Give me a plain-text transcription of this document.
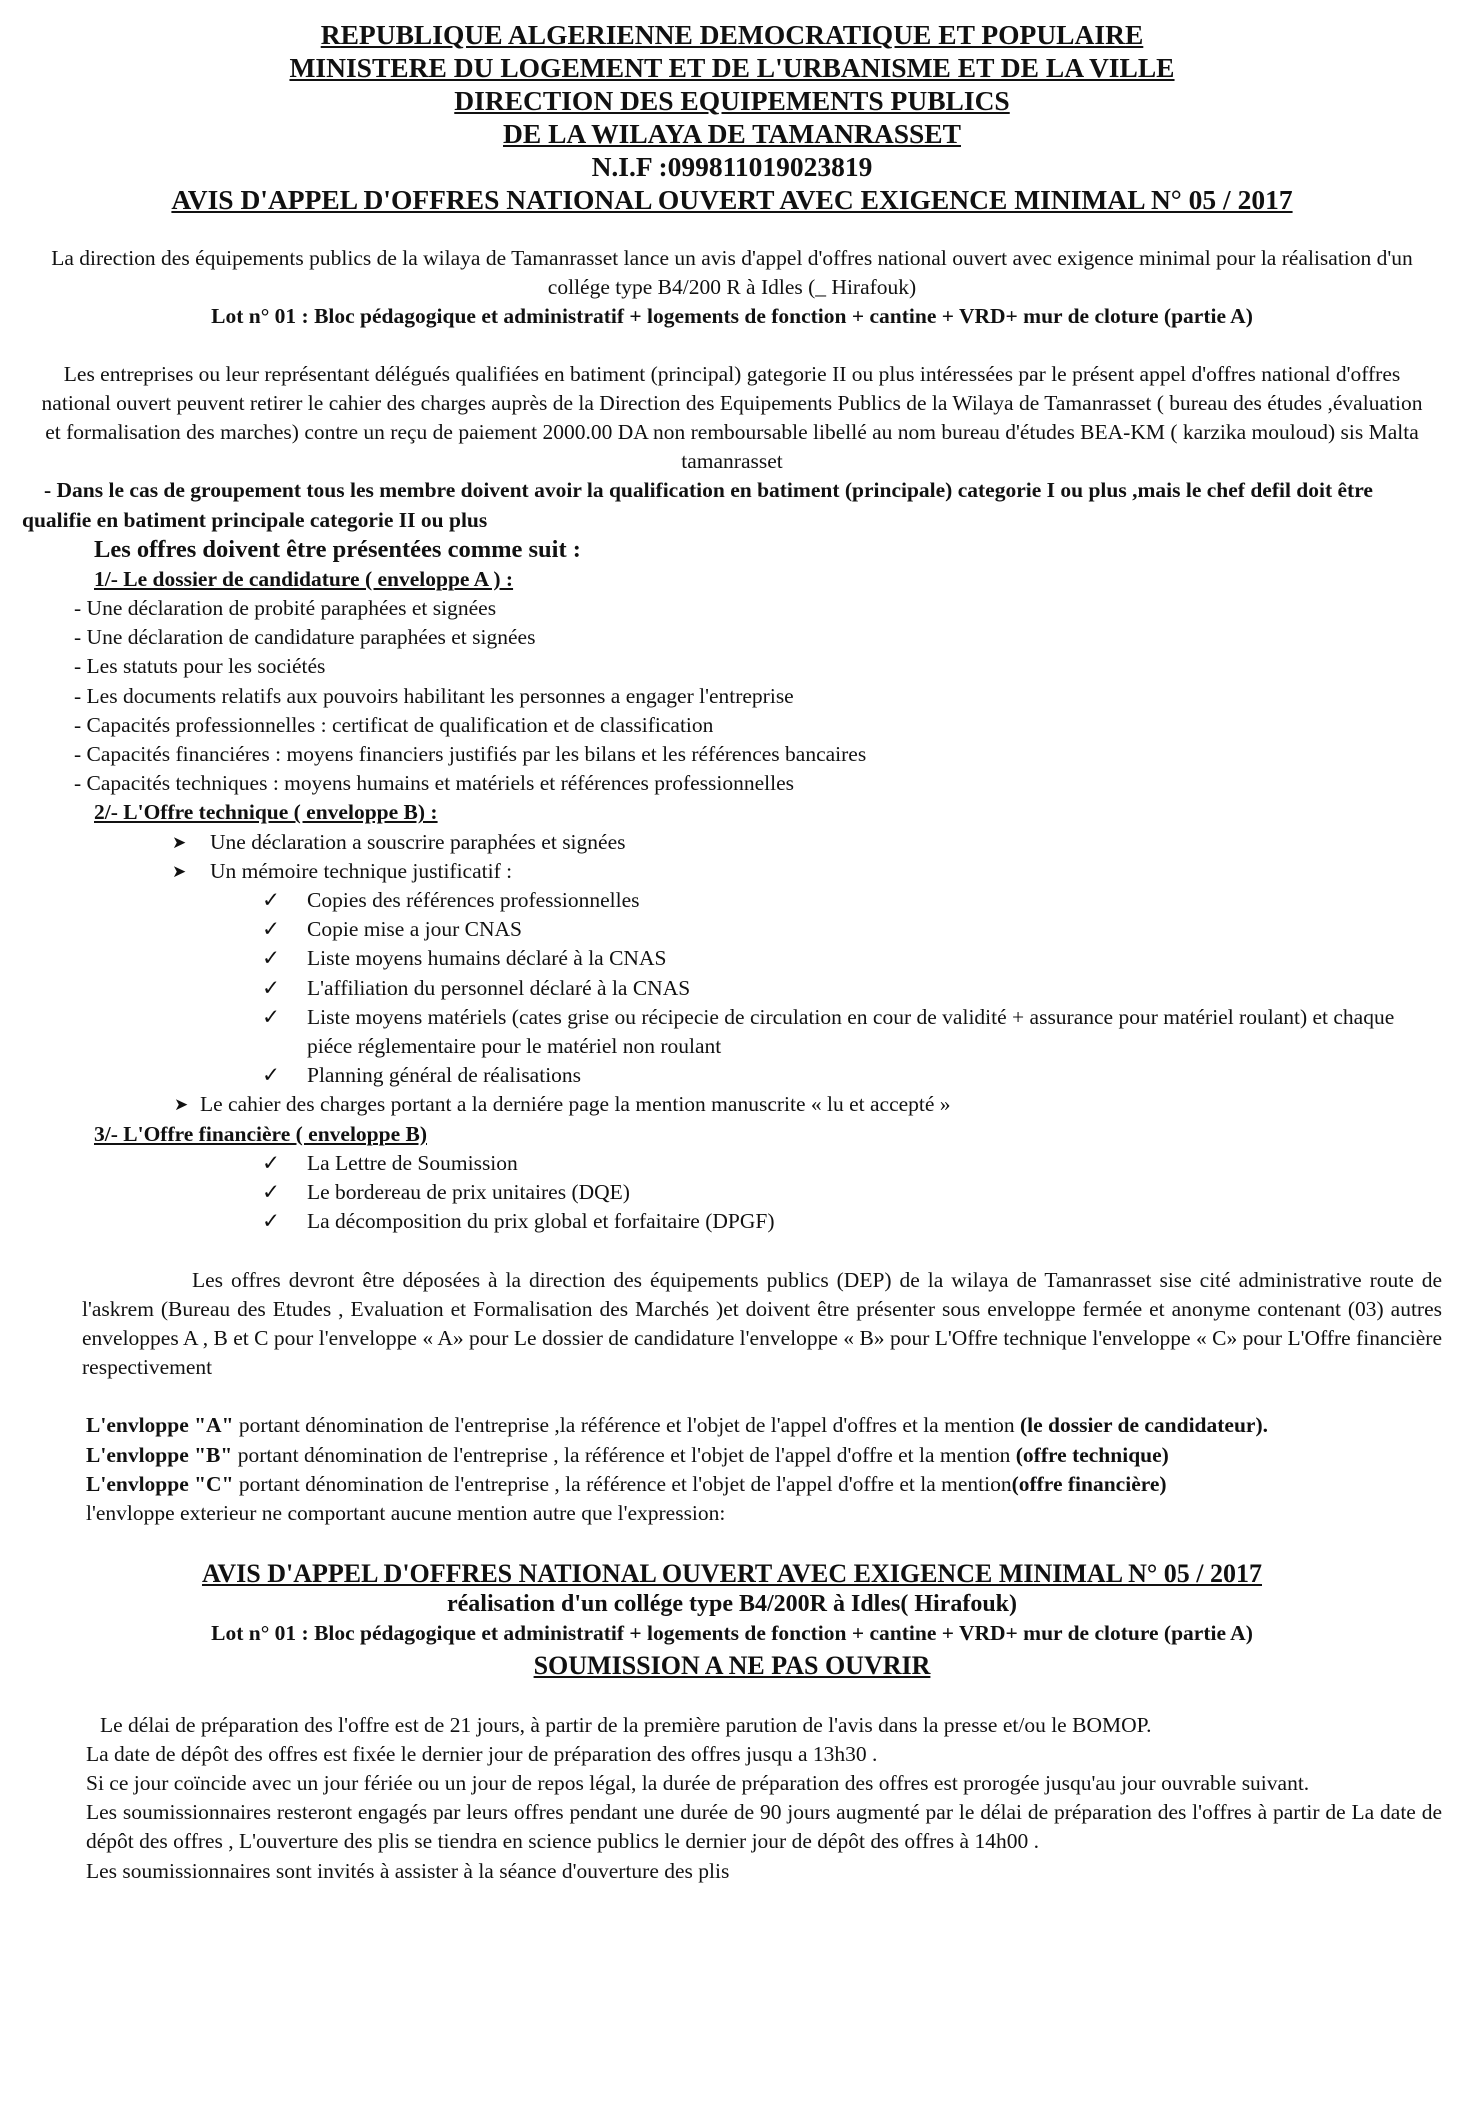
REPUBLIQUE ALGERIENNE DEMOCRATIQUE ET POPULAIRE
MINISTERE DU LOGEMENT ET DE L'URBANISME ET DE LA VILLE
DIRECTION DES EQUIPEMENTS PUBLICS
DE LA WILAYA DE TAMANRASSET
N.I.F :099811019023819
AVIS D'APPEL D'OFFRES NATIONAL OUVERT AVEC EXIGENCE MINIMAL N° 05 / 2017

La direction des équipements publics de la wilaya de Tamanrasset lance un avis d'appel d'offres national ouvert avec exigence minimal pour la réalisation d'un collége type B4/200 R à Idles (_ Hirafouk)

Lot n° 01 : Bloc pédagogique et administratif + logements de fonction + cantine + VRD+ mur de cloture (partie A)

Les entreprises ou leur représentant délégués qualifiées en batiment (principal) gategorie II ou plus intéressées par le présent appel d'offres national d'offres national ouvert peuvent retirer le cahier des charges auprès de la Direction des Equipements Publics de la Wilaya de Tamanrasset ( bureau des études ,évaluation et formalisation des marches) contre un reçu de paiement 2000.00 DA non remboursable libellé au nom bureau d'études BEA-KM ( karzika mouloud) sis Malta tamanrasset

- Dans le cas de groupement tous les membre doivent avoir la qualification en batiment (principale) categorie I ou plus ,mais le chef defil doit être qualifie en batiment principale categorie II ou plus

Les offres doivent être présentées comme suit :
1/- Le dossier de candidature ( enveloppe A ) :
- Une déclaration de probité paraphées et signées
- Une déclaration de candidature paraphées et signées
- Les statuts pour les sociétés
- Les documents relatifs aux pouvoirs habilitant les personnes a engager l'entreprise
- Capacités professionnelles : certificat de qualification et de classification
- Capacités financiéres : moyens financiers justifiés par les bilans et les références bancaires
- Capacités techniques : moyens humains et matériels et références professionnelles
2/- L'Offre technique ( enveloppe B) :
➤ Une déclaration a souscrire paraphées et signées
➤ Un mémoire technique justificatif :
✓ Copies des références professionnelles
✓ Copie mise a jour CNAS
✓ Liste moyens humains déclaré à la CNAS
✓ L'affiliation du personnel déclaré à la CNAS
✓ Liste moyens matériels (cates grise ou récipecie de circulation en cour de validité + assurance pour matériel roulant) et chaque piéce réglementaire pour le matériel non roulant
✓ Planning général de réalisations
➤ Le cahier des charges portant a la derniére page la mention manuscrite « lu et accepté »
3/- L'Offre financière ( enveloppe B)
✓ La Lettre de Soumission
✓ Le bordereau de prix unitaires (DQE)
✓ La décomposition du prix global et forfaitaire (DPGF)

Les offres devront être déposées à la direction des équipements publics (DEP) de la wilaya de Tamanrasset sise cité administrative route de l'askrem (Bureau des Etudes , Evaluation et Formalisation des Marchés )et doivent être présenter sous enveloppe fermée et anonyme contenant (03) autres enveloppes A , B et C pour l'enveloppe « A» pour Le dossier de candidature l'enveloppe « B» pour L'Offre technique l'enveloppe « C» pour L'Offre financière respectivement

L'envloppe "A" portant dénomination de l'entreprise ,la référence et l'objet de l'appel d'offres et la mention (le dossier de candidateur).

L'envloppe "B" portant dénomination de l'entreprise , la référence et l'objet de l'appel d'offre et la mention (offre technique)

L'envloppe "C" portant dénomination de l'entreprise , la référence et l'objet de l'appel d'offre et la mention(offre financière)

l'envloppe exterieur ne comportant aucune mention autre que l'expression:

AVIS D'APPEL D'OFFRES NATIONAL OUVERT AVEC EXIGENCE MINIMAL N° 05 / 2017
réalisation d'un collége type B4/200R à Idles( Hirafouk)
Lot n° 01 : Bloc pédagogique et administratif + logements de fonction + cantine + VRD+ mur de cloture (partie A)
SOUMISSION A NE PAS OUVRIR

Le délai de préparation des l'offre est de 21 jours, à partir de la première parution de l'avis dans la presse et/ou le BOMOP.

La date de dépôt des offres est fixée le dernier jour de préparation des offres jusqu a 13h30 .

Si ce jour coïncide avec un jour fériée ou un jour de repos légal, la durée de préparation des offres est prorogée jusqu'au jour ouvrable suivant.

Les soumissionnaires resteront engagés par leurs offres pendant une durée de 90 jours augmenté par le délai de préparation des l'offres à partir de La date de dépôt des offres , L'ouverture des plis se tiendra en science publics le dernier jour de dépôt des offres à 14h00 .

Les soumissionnaires sont invités à assister à la séance d'ouverture des plis
